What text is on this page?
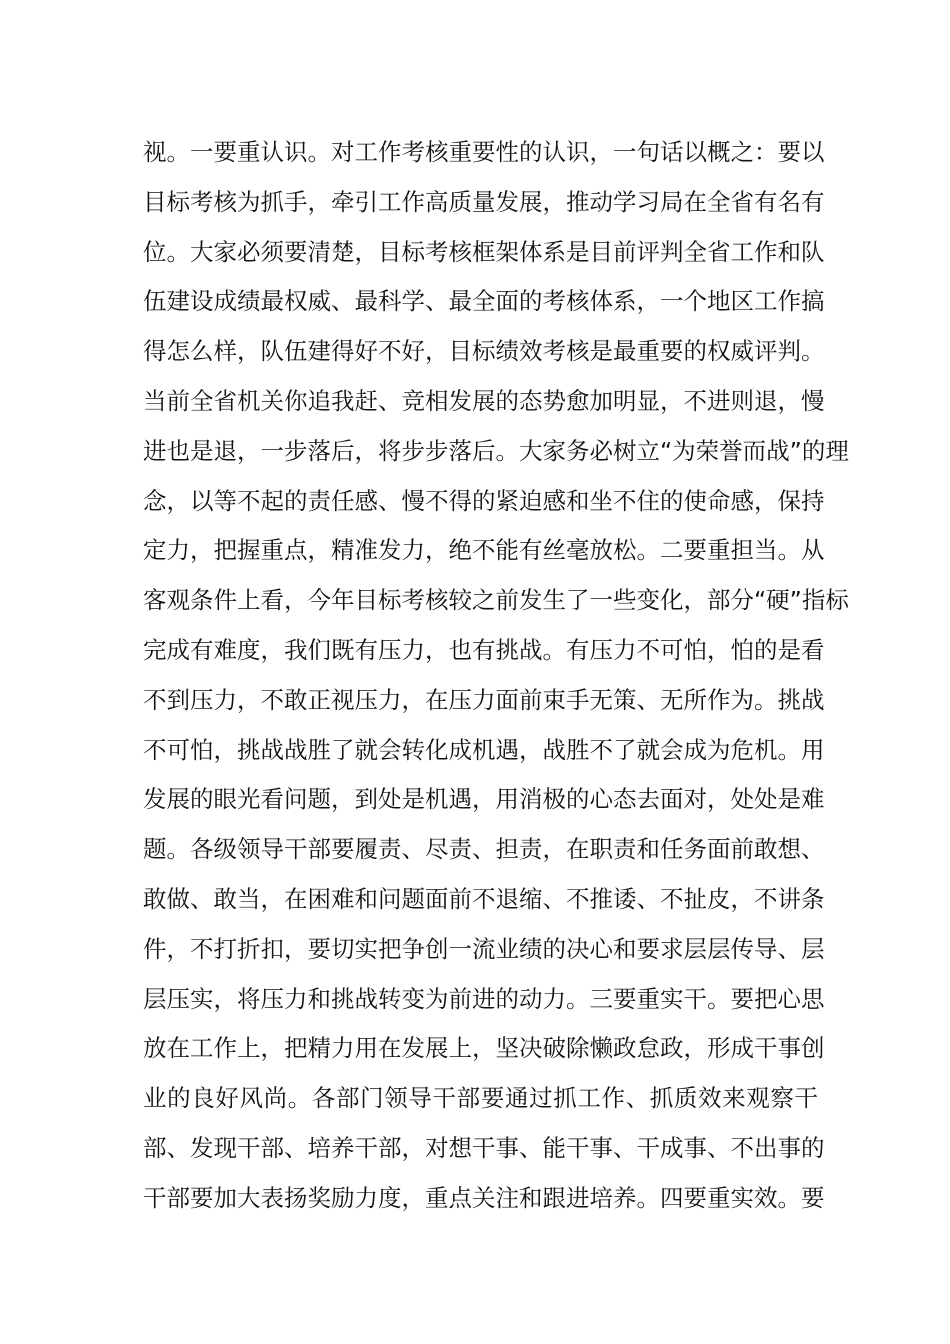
视。一要重认识。对工作考核重要性的认识，一句话以概之：要以
目标考核为抓手，牵引工作高质量发展，推动学习局在全省有名有
位。大家必须要清楚，目标考核框架体系是目前评判全省工作和队
伍建设成绩最权威、最科学、最全面的考核体系，一个地区工作搞
得怎么样，队伍建得好不好，目标绩效考核是最重要的权威评判。
当前全省机关你追我赶、竞相发展的态势愈加明显，不进则退，慢
进也是退，一步落后，将步步落后。大家务必树立“为荣誉而战”的理
念，以等不起的责任感、慢不得的紧迫感和坐不住的使命感，保持
定力，把握重点，精准发力，绝不能有丝毫放松。二要重担当。从
客观条件上看，今年目标考核较之前发生了一些变化，部分“硬”指标
完成有难度，我们既有压力，也有挑战。有压力不可怕，怕的是看
不到压力，不敢正视压力，在压力面前束手无策、无所作为。挑战
不可怕，挑战战胜了就会转化成机遇，战胜不了就会成为危机。用
发展的眼光看问题，到处是机遇，用消极的心态去面对，处处是难
题。各级领导干部要履责、尽责、担责，在职责和任务面前敢想、
敢做、敢当，在困难和问题面前不退缩、不推诿、不扯皮，不讲条
件，不打折扣，要切实把争创一流业绩的决心和要求层层传导、层
层压实，将压力和挑战转变为前进的动力。三要重实干。要把心思
放在工作上，把精力用在发展上，坚决破除懒政怠政，形成干事创
业的良好风尚。各部门领导干部要通过抓工作、抓质效来观察干
部、发现干部、培养干部，对想干事、能干事、干成事、不出事的
干部要加大表扬奖励力度，重点关注和跟进培养。四要重实效。要
